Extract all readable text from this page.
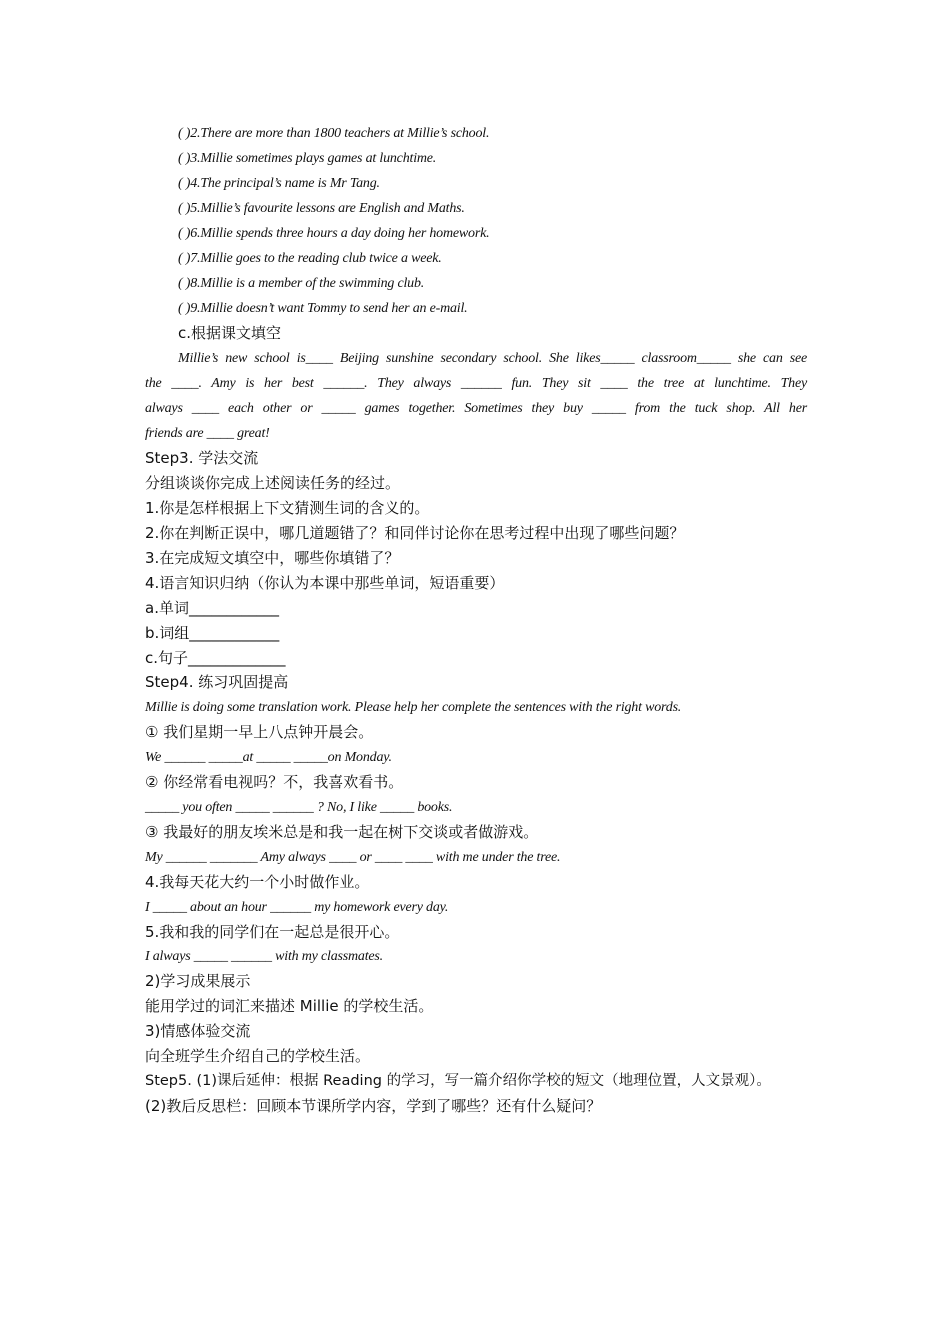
( )2.There are more than 1800 teachers at Millie’s school.
( )3.Millie sometimes plays games at lunchtime.
( )4.The principal’s name is Mr Tang.
( )5.Millie’s favourite lessons are English and Maths.
( )6.Millie spends three hours a day doing her homework.
( )7.Millie goes to the reading club twice a week.
( )8.Millie is a member of the swimming club.
( )9.Millie doesn’t want Tommy to send her an e-mail.
c.根据课文填空
Millie’s new school is____ Beijing sunshine secondary school. She likes_____ classroom_____ she can see
the ____. Amy is her best ______. They always ______ fun. They sit ____ the tree at lunchtime. They
always ____ each other or _____ games together. Sometimes they buy _____ from the tuck shop. All her
friends are ____ great!
Step3. 学法交流
分组谈谈你完成上述阅读任务的经过。
1.你是怎样根据上下文猜测生词的含义的。
2.你在判断正误中，哪几道题错了？和同伴讨论你在思考过程中出现了哪些问题？
3.在完成短文填空中，哪些你填错了？
4.语言知识归纳（你认为本课中那些单词，短语重要）
a.单词____________
b.词组____________
c.句子_____________
Step4. 练习巩固提高
Millie is doing some translation work. Please help her complete the sentences with the right words.
① 我们星期一早上八点钟开晨会。
We ______ _____at _____ _____on Monday.
② 你经常看电视吗？不，我喜欢看书。
_____ you often _____ ______ ? No, I like _____ books.
③ 我最好的朋友埃米总是和我一起在树下交谈或者做游戏。
My ______ _______ Amy always ____ or ____ ____ with me under the tree.
4.我每天花大约一个小时做作业。
I _____ about an hour ______ my homework every day.
5.我和我的同学们在一起总是很开心。
I always _____ ______ with my classmates.
2)学习成果展示
能用学过的词汇来描述 Millie 的学校生活。
3)情感体验交流
向全班学生介绍自己的学校生活。
Step5. (1)课后延伸：根据 Reading 的学习，写一篇介绍你学校的短文（地理位置，人文景观）。
(2)教后反思栏：回顾本节课所学内容，学到了哪些？还有什么疑问？
